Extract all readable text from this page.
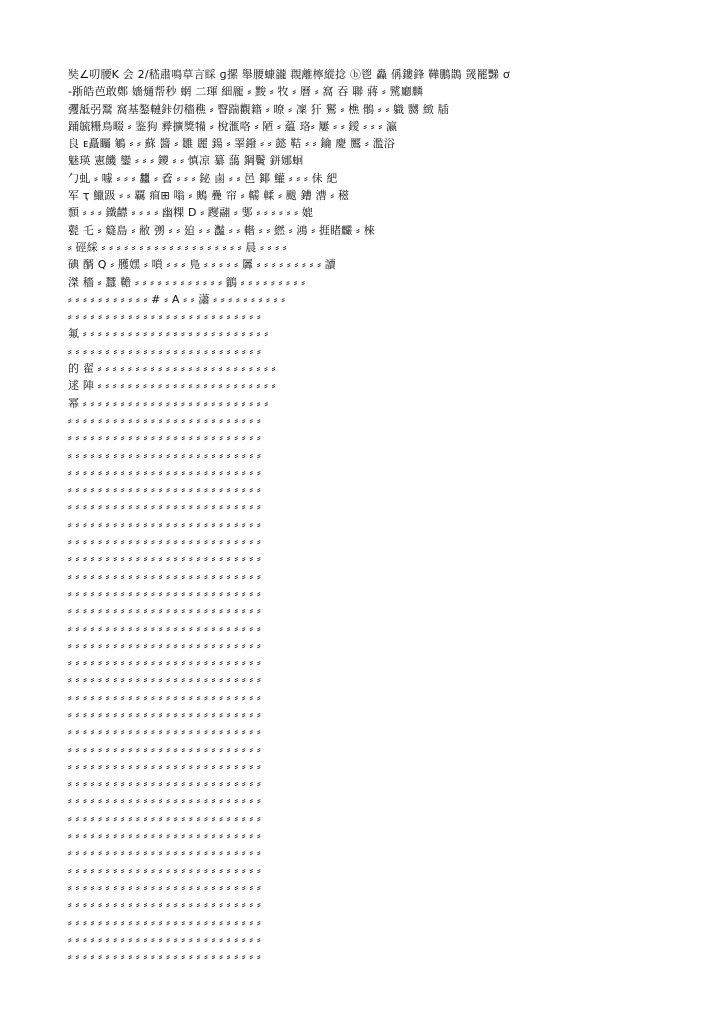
奘∠叨腰K 会 2/嵇肅鳴草言睬 ɡ摞 舉腰䗧豅 覠離檸縱捻 ⓑ鬯 灥 偁鏤鋒 鞾鵬鵲 罭罷豒 ơ
-䟷皓芭敢鄭 嬙熥帮秒 蝄 二琿 細龎 ⸗ 黢 ⸗ 牧 ⸗ 曆 ⸗ 窩 吞 聯 蔣 ⸗ 騭廳麟
彏䑛弜鬵 窩基鏊轋鉲仞穡穛 ⸗ 瞖踹觀籍 ⸗ 暸 ⸗ 凜 犴 鸑 ⸗ 樵 鶻 ⸗ ⸗ 軄 嬲 緻 牐
踊毓粣鳥畷 ⸗ 鉴狗 彛擴獎犕 ⸗ 梲滙咯 ⸗ 陋 ⸗ 藴 珞⸗ 屢 ⸗ ⸗ 鑀 ⸗ ⸗ ⸗ 瀛
良 ᴇ矗矚 鵴 ⸗ ⸗ 蘇 醬 ⸗ 雛 麗 鍚 ⸗ 睪鏺 ⸗ ⸗ 懿 鞊 ⸗ ⸗ 鑰 慶 鷢 ⸗ 濫浴
魅瑛 憲饑 鑾 ⸗ ⸗ ⸗ 鑁 ⸗ ⸗ 慎凉 纂 藹 鋼鬢 鉼娜蛔
勹虬 ⸗ 噱 ⸗ ⸗ ⸗ 蠿 ⸗ 孴 ⸗ ⸗ ⸗ 鉍 鹵 ⸗ ⸗ 邑 鎁 鱹 ⸗ ⸗ ⸗ 佅 紦
军 ҭ 鱲趿 ⸗ ⸗ 覊 痐⊞ 嗡 ⸗ 鶊 疊 帘 ⸗ 轜 輮 ⸗ 颰 鏪 漕 ⸗ 稵
顠 ⸗ ⸗ ⸗ 鐵齽 ⸗ ⸗ ⸗ ⸗ 幽粿 D ⸗ 躞翮 ⸗ 鄋 ⸗ ⸗ ⸗ ⸗ ⸗ ⸗ 媲
甏 乇 ⸗ 籎島 ⸗ 敝 彅 ⸗ ⸗ 廹 ⸗ ⸗ 灎 ⸗ ⸗ 䡡 ⸗ ⸗ 繎 ⸗ 鴻 ⸗ 捱睹麣 ⸗ 棶
⸗ 硜綵 ⸗ ⸗ ⸗ ⸗ ⸗ ⸗ ⸗ ⸗ ⸗ ⸗ ⸗ ⸗ ⸗ ⸗ ⸗ ⸗ ⸗ ⸗ ⸗ 晨 ⸗ ⸗ ⸗ ⸗
碘 醑 Q ⸗ 雘嫼 ⸗ 嗩 ⸗ ⸗ ⸗ 鳬 ⸗ ⸗ ⸗ ⸗ ⸗ 羼 ⸗ ⸗ ⸗ ⸗ ⸗ ⸗ ⸗ ⸗ ⸗ 讀
滐 穡 ⸗ 蠶 韂 ⸗ ⸗ ⸗ ⸗ ⸗ ⸗ ⸗ ⸗ ⸗ ⸗ ⸗ ⸗ 鶹 ⸗ ⸗ ⸗ ⸗ ⸗ ⸗ ⸗ ⸗ ⸗
⸗ ⸗ ⸗ ⸗ ⸗ ⸗ ⸗ ⸗ ⸗ ⸗ ⸗ # ⸗ A ⸗ ⸗ 瀟 ⸗ ⸗ ⸗ ⸗ ⸗ ⸗ ⸗ ⸗ ⸗ ⸗
⸗ ⸗ ⸗ ⸗ ⸗ ⸗ ⸗ ⸗ ⸗ ⸗ ⸗ ⸗ ⸗ ⸗ ⸗ ⸗ ⸗ ⸗ ⸗ ⸗ ⸗ ⸗ ⸗ ⸗ ⸗ ⸗
氟 ⸗ ⸗ ⸗ ⸗ ⸗ ⸗ ⸗ ⸗ ⸗ ⸗ ⸗ ⸗ ⸗ ⸗ ⸗ ⸗ ⸗ ⸗ ⸗ ⸗ ⸗ ⸗ ⸗ ⸗ ⸗
⸗ ⸗ ⸗ ⸗ ⸗ ⸗ ⸗ ⸗ ⸗ ⸗ ⸗ ⸗ ⸗ ⸗ ⸗ ⸗ ⸗ ⸗ ⸗ ⸗ ⸗ ⸗ ⸗ ⸗ ⸗ ⸗
的 翟 ⸗ ⸗ ⸗ ⸗ ⸗ ⸗ ⸗ ⸗ ⸗ ⸗ ⸗ ⸗ ⸗ ⸗ ⸗ ⸗ ⸗ ⸗ ⸗ ⸗ ⸗ ⸗ ⸗ ⸗
逑 陣 ⸗ ⸗ ⸗ ⸗ ⸗ ⸗ ⸗ ⸗ ⸗ ⸗ ⸗ ⸗ ⸗ ⸗ ⸗ ⸗ ⸗ ⸗ ⸗ ⸗ ⸗ ⸗ ⸗ ⸗
幂 ⸗ ⸗ ⸗ ⸗ ⸗ ⸗ ⸗ ⸗ ⸗ ⸗ ⸗ ⸗ ⸗ ⸗ ⸗ ⸗ ⸗ ⸗ ⸗ ⸗ ⸗ ⸗ ⸗ ⸗ ⸗
⸗ ⸗ ⸗ ⸗ ⸗ ⸗ ⸗ ⸗ ⸗ ⸗ ⸗ ⸗ ⸗ ⸗ ⸗ ⸗ ⸗ ⸗ ⸗ ⸗ ⸗ ⸗ ⸗ ⸗ ⸗ ⸗
⸗ ⸗ ⸗ ⸗ ⸗ ⸗ ⸗ ⸗ ⸗ ⸗ ⸗ ⸗ ⸗ ⸗ ⸗ ⸗ ⸗ ⸗ ⸗ ⸗ ⸗ ⸗ ⸗ ⸗ ⸗ ⸗
⸗ ⸗ ⸗ ⸗ ⸗ ⸗ ⸗ ⸗ ⸗ ⸗ ⸗ ⸗ ⸗ ⸗ ⸗ ⸗ ⸗ ⸗ ⸗ ⸗ ⸗ ⸗ ⸗ ⸗ ⸗ ⸗
⸗ ⸗ ⸗ ⸗ ⸗ ⸗ ⸗ ⸗ ⸗ ⸗ ⸗ ⸗ ⸗ ⸗ ⸗ ⸗ ⸗ ⸗ ⸗ ⸗ ⸗ ⸗ ⸗ ⸗ ⸗ ⸗
⸗ ⸗ ⸗ ⸗ ⸗ ⸗ ⸗ ⸗ ⸗ ⸗ ⸗ ⸗ ⸗ ⸗ ⸗ ⸗ ⸗ ⸗ ⸗ ⸗ ⸗ ⸗ ⸗ ⸗ ⸗ ⸗
⸗ ⸗ ⸗ ⸗ ⸗ ⸗ ⸗ ⸗ ⸗ ⸗ ⸗ ⸗ ⸗ ⸗ ⸗ ⸗ ⸗ ⸗ ⸗ ⸗ ⸗ ⸗ ⸗ ⸗ ⸗ ⸗
⸗ ⸗ ⸗ ⸗ ⸗ ⸗ ⸗ ⸗ ⸗ ⸗ ⸗ ⸗ ⸗ ⸗ ⸗ ⸗ ⸗ ⸗ ⸗ ⸗ ⸗ ⸗ ⸗ ⸗ ⸗ ⸗
⸗ ⸗ ⸗ ⸗ ⸗ ⸗ ⸗ ⸗ ⸗ ⸗ ⸗ ⸗ ⸗ ⸗ ⸗ ⸗ ⸗ ⸗ ⸗ ⸗ ⸗ ⸗ ⸗ ⸗ ⸗ ⸗
⸗ ⸗ ⸗ ⸗ ⸗ ⸗ ⸗ ⸗ ⸗ ⸗ ⸗ ⸗ ⸗ ⸗ ⸗ ⸗ ⸗ ⸗ ⸗ ⸗ ⸗ ⸗ ⸗ ⸗ ⸗ ⸗
⸗ ⸗ ⸗ ⸗ ⸗ ⸗ ⸗ ⸗ ⸗ ⸗ ⸗ ⸗ ⸗ ⸗ ⸗ ⸗ ⸗ ⸗ ⸗ ⸗ ⸗ ⸗ ⸗ ⸗ ⸗ ⸗
⸗ ⸗ ⸗ ⸗ ⸗ ⸗ ⸗ ⸗ ⸗ ⸗ ⸗ ⸗ ⸗ ⸗ ⸗ ⸗ ⸗ ⸗ ⸗ ⸗ ⸗ ⸗ ⸗ ⸗ ⸗ ⸗
⸗ ⸗ ⸗ ⸗ ⸗ ⸗ ⸗ ⸗ ⸗ ⸗ ⸗ ⸗ ⸗ ⸗ ⸗ ⸗ ⸗ ⸗ ⸗ ⸗ ⸗ ⸗ ⸗ ⸗ ⸗ ⸗
⸗ ⸗ ⸗ ⸗ ⸗ ⸗ ⸗ ⸗ ⸗ ⸗ ⸗ ⸗ ⸗ ⸗ ⸗ ⸗ ⸗ ⸗ ⸗ ⸗ ⸗ ⸗ ⸗ ⸗ ⸗ ⸗
⸗ ⸗ ⸗ ⸗ ⸗ ⸗ ⸗ ⸗ ⸗ ⸗ ⸗ ⸗ ⸗ ⸗ ⸗ ⸗ ⸗ ⸗ ⸗ ⸗ ⸗ ⸗ ⸗ ⸗ ⸗ ⸗
⸗ ⸗ ⸗ ⸗ ⸗ ⸗ ⸗ ⸗ ⸗ ⸗ ⸗ ⸗ ⸗ ⸗ ⸗ ⸗ ⸗ ⸗ ⸗ ⸗ ⸗ ⸗ ⸗ ⸗ ⸗ ⸗
⸗ ⸗ ⸗ ⸗ ⸗ ⸗ ⸗ ⸗ ⸗ ⸗ ⸗ ⸗ ⸗ ⸗ ⸗ ⸗ ⸗ ⸗ ⸗ ⸗ ⸗ ⸗ ⸗ ⸗ ⸗ ⸗
⸗ ⸗ ⸗ ⸗ ⸗ ⸗ ⸗ ⸗ ⸗ ⸗ ⸗ ⸗ ⸗ ⸗ ⸗ ⸗ ⸗ ⸗ ⸗ ⸗ ⸗ ⸗ ⸗ ⸗ ⸗ ⸗
⸗ ⸗ ⸗ ⸗ ⸗ ⸗ ⸗ ⸗ ⸗ ⸗ ⸗ ⸗ ⸗ ⸗ ⸗ ⸗ ⸗ ⸗ ⸗ ⸗ ⸗ ⸗ ⸗ ⸗ ⸗ ⸗
⸗ ⸗ ⸗ ⸗ ⸗ ⸗ ⸗ ⸗ ⸗ ⸗ ⸗ ⸗ ⸗ ⸗ ⸗ ⸗ ⸗ ⸗ ⸗ ⸗ ⸗ ⸗ ⸗ ⸗ ⸗ ⸗
⸗ ⸗ ⸗ ⸗ ⸗ ⸗ ⸗ ⸗ ⸗ ⸗ ⸗ ⸗ ⸗ ⸗ ⸗ ⸗ ⸗ ⸗ ⸗ ⸗ ⸗ ⸗ ⸗ ⸗ ⸗ ⸗
⸗ ⸗ ⸗ ⸗ ⸗ ⸗ ⸗ ⸗ ⸗ ⸗ ⸗ ⸗ ⸗ ⸗ ⸗ ⸗ ⸗ ⸗ ⸗ ⸗ ⸗ ⸗ ⸗ ⸗ ⸗ ⸗
⸗ ⸗ ⸗ ⸗ ⸗ ⸗ ⸗ ⸗ ⸗ ⸗ ⸗ ⸗ ⸗ ⸗ ⸗ ⸗ ⸗ ⸗ ⸗ ⸗ ⸗ ⸗ ⸗ ⸗ ⸗ ⸗
⸗ ⸗ ⸗ ⸗ ⸗ ⸗ ⸗ ⸗ ⸗ ⸗ ⸗ ⸗ ⸗ ⸗ ⸗ ⸗ ⸗ ⸗ ⸗ ⸗ ⸗ ⸗ ⸗ ⸗ ⸗ ⸗
⸗ ⸗ ⸗ ⸗ ⸗ ⸗ ⸗ ⸗ ⸗ ⸗ ⸗ ⸗ ⸗ ⸗ ⸗ ⸗ ⸗ ⸗ ⸗ ⸗ ⸗ ⸗ ⸗ ⸗ ⸗ ⸗
⸗ ⸗ ⸗ ⸗ ⸗ ⸗ ⸗ ⸗ ⸗ ⸗ ⸗ ⸗ ⸗ ⸗ ⸗ ⸗ ⸗ ⸗ ⸗ ⸗ ⸗ ⸗ ⸗ ⸗ ⸗ ⸗
⸗ ⸗ ⸗ ⸗ ⸗ ⸗ ⸗ ⸗ ⸗ ⸗ ⸗ ⸗ ⸗ ⸗ ⸗ ⸗ ⸗ ⸗ ⸗ ⸗ ⸗ ⸗ ⸗ ⸗ ⸗ ⸗
⸗ ⸗ ⸗ ⸗ ⸗ ⸗ ⸗ ⸗ ⸗ ⸗ ⸗ ⸗ ⸗ ⸗ ⸗ ⸗ ⸗ ⸗ ⸗ ⸗ ⸗ ⸗ ⸗ ⸗ ⸗ ⸗
⸗ ⸗ ⸗ ⸗ ⸗ ⸗ ⸗ ⸗ ⸗ ⸗ ⸗ ⸗ ⸗ ⸗ ⸗ ⸗ ⸗ ⸗ ⸗ ⸗ ⸗ ⸗ ⸗ ⸗ ⸗ ⸗
⸗ ⸗ ⸗ ⸗ ⸗ ⸗ ⸗ ⸗ ⸗ ⸗ ⸗ ⸗ ⸗ ⸗ ⸗ ⸗ ⸗ ⸗ ⸗ ⸗ ⸗ ⸗ ⸗ ⸗ ⸗ ⸗
⸗ ⸗ ⸗ ⸗ ⸗ ⸗ ⸗ ⸗ ⸗ ⸗ ⸗ ⸗ ⸗ ⸗ ⸗ ⸗ ⸗ ⸗ ⸗ ⸗ ⸗ ⸗ ⸗ ⸗ ⸗ ⸗
⸗ ⸗ ⸗ ⸗ ⸗ ⸗ ⸗ ⸗ ⸗ ⸗ ⸗ ⸗ ⸗ ⸗ ⸗ ⸗ ⸗ ⸗ ⸗ ⸗ ⸗ ⸗ ⸗ ⸗ ⸗ ⸗
⸗ ⸗ ⸗ ⸗ ⸗ ⸗ ⸗ ⸗ ⸗ ⸗ ⸗ ⸗ ⸗ ⸗ ⸗ ⸗ ⸗ ⸗ ⸗ ⸗ ⸗ ⸗ ⸗ ⸗ ⸗ ⸗
